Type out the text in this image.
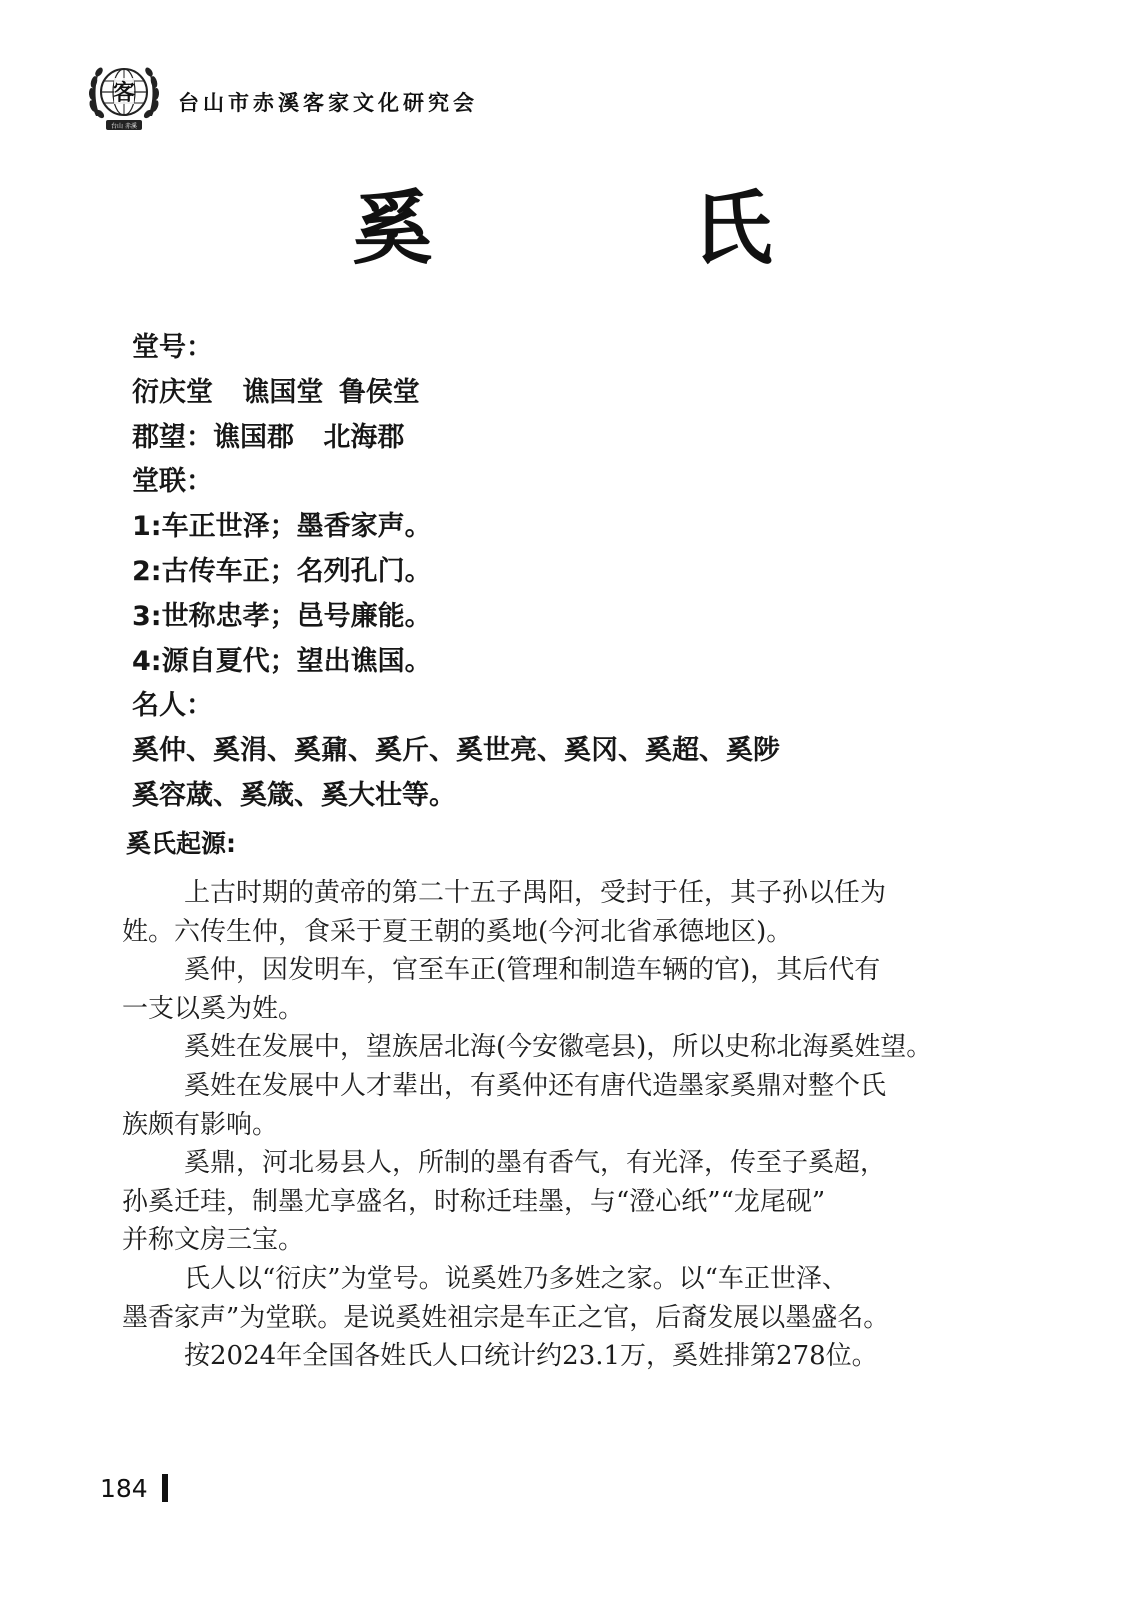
客
台山 赤溪
台山市赤溪客家文化研究会
奚　氏
堂号：
衍庆堂 谯国堂 鲁侯堂
郡望：谯国郡 北海郡
堂联：
1:车正世泽；墨香家声。
2:古传车正；名列孔门。
3:世称忠孝；邑号廉能。
4:源自夏代；望出谯国。
名人：
奚仲、奚涓、奚鼐、奚斤、奚世亮、奚冈、奚超、奚陟
奚容蒧、奚箴、奚大壮等。
奚氏起源:
上古时期的黄帝的第二十五子禺阳，受封于任，其子孙以任为
姓。六传生仲，食采于夏王朝的奚地(今河北省承德地区)。
奚仲，因发明车，官至车正(管理和制造车辆的官)，其后代有
一支以奚为姓。
奚姓在发展中，望族居北海(今安徽亳县)，所以史称北海奚姓望。
奚姓在发展中人才辈出，有奚仲还有唐代造墨家奚鼎对整个氏
族颇有影响。
奚鼎，河北易县人，所制的墨有香气，有光泽，传至子奚超，
孙奚迁珪，制墨尤享盛名，时称迁珪墨，与“澄心纸”“龙尾砚”
并称文房三宝。
氏人以“衍庆”为堂号。说奚姓乃多姓之家。以“车正世泽、
墨香家声”为堂联。是说奚姓祖宗是车正之官，后裔发展以墨盛名。
按2024年全国各姓氏人口统计约23.1万，奚姓排第278位。
184
